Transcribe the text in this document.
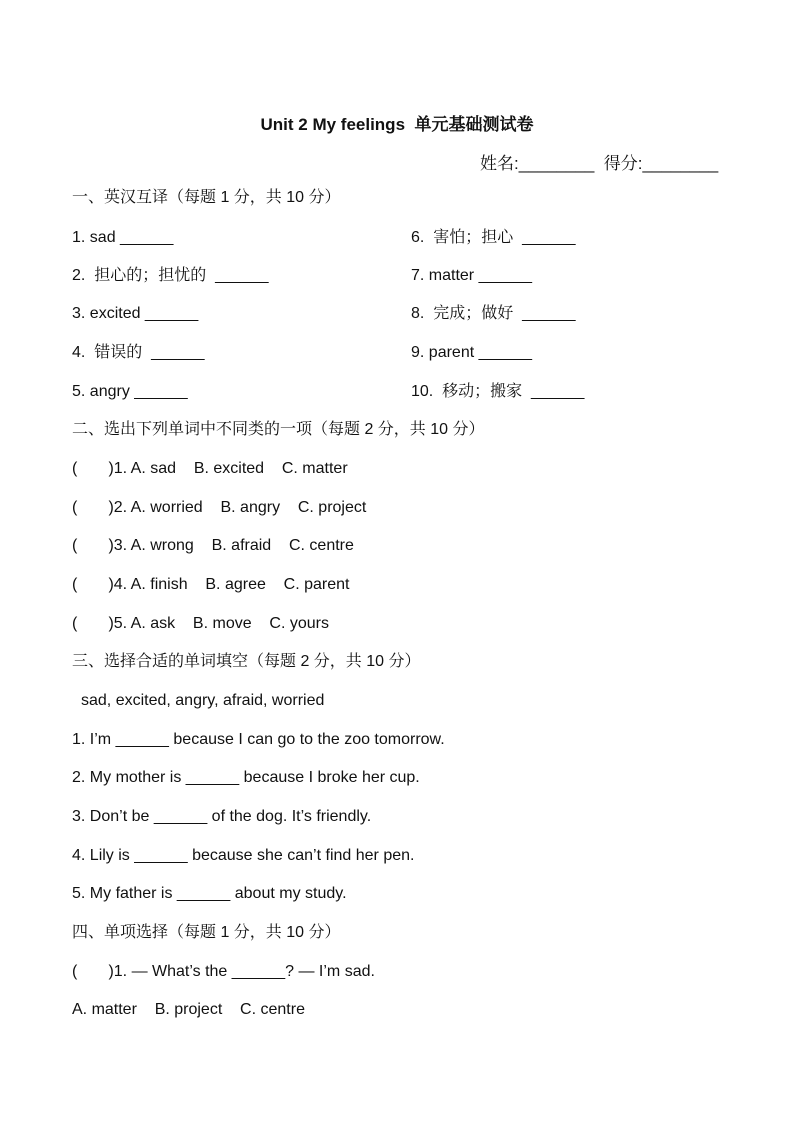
Unit 2 My feelings  单元基础测试卷
姓名:________  得分:________
一、英汉互译（每题 1 分，共 10 分）
1. sad ______
2.  担心的；担忧的  ______
3. excited ______
4.  错误的  ______
5. angry ______
6.  害怕；担心  ______
7. matter ______
8.  完成；做好  ______
9. parent ______
10.  移动；搬家  ______
二、选出下列单词中不同类的一项（每题 2 分，共 10 分）
(       )1. A. sad    B. excited    C. matter
(       )2. A. worried    B. angry    C. project
(       )3. A. wrong    B. afraid    C. centre
(       )4. A. finish    B. agree    C. parent
(       )5. A. ask    B. move    C. yours
三、选择合适的单词填空（每题 2 分，共 10 分）
sad, excited, angry, afraid, worried
1. I’m ______ because I can go to the zoo tomorrow.
2. My mother is ______ because I broke her cup.
3. Don’t be ______ of the dog. It’s friendly.
4. Lily is ______ because she can’t find her pen.
5. My father is ______ about my study.
四、单项选择（每题 1 分，共 10 分）
(       )1. — What’s the ______? — I’m sad.
A. matter    B. project    C. centre
